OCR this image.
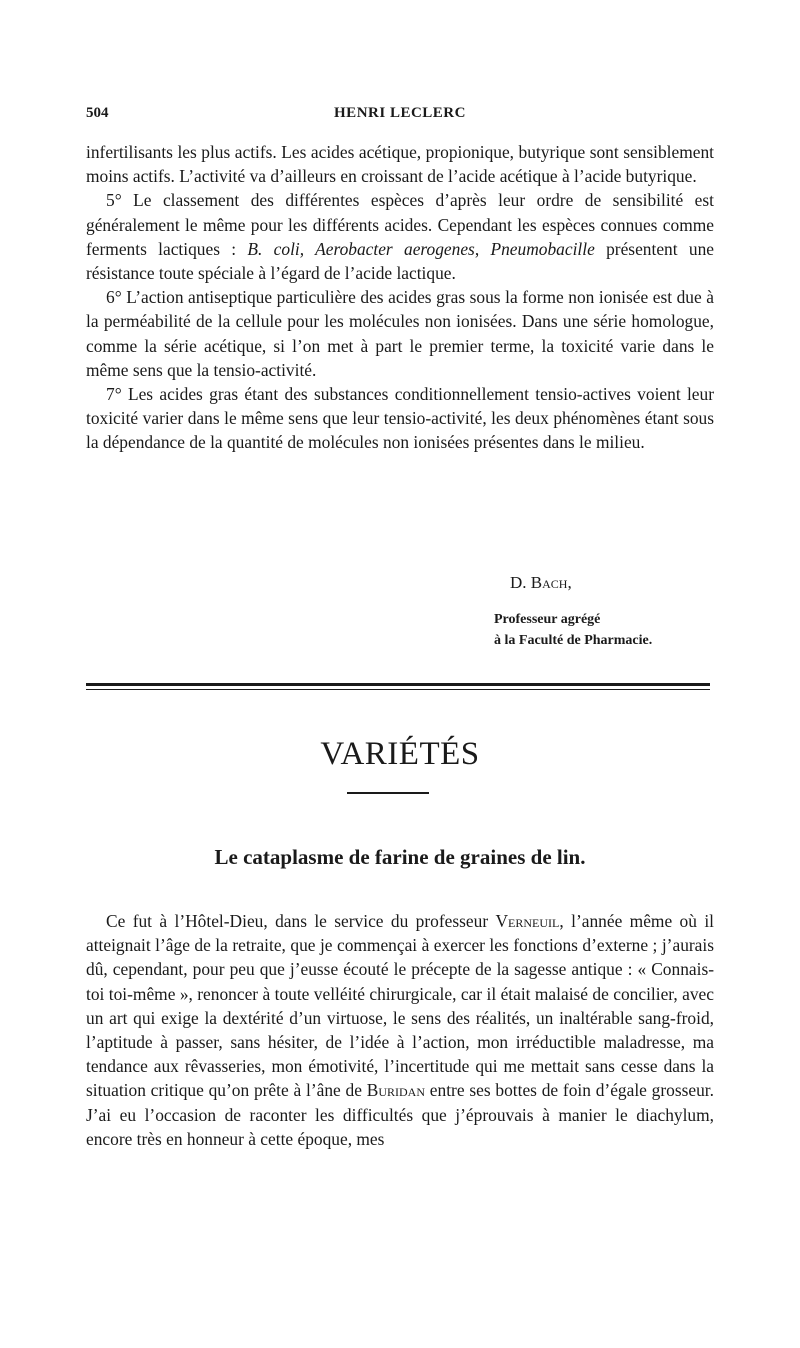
504	HENRI LECLERC

infertilisants les plus actifs. Les acides acétique, propionique, butyrique sont sensiblement moins actifs. L’activité va d’ailleurs en croissant de l’acide acétique à l’acide butyrique.

5° Le classement des différentes espèces d’après leur ordre de sensibilité est généralement le même pour les différents acides. Cependant les espèces connues comme ferments lactiques : B. coli, Aerobacter aerogenes, Pneumobacille présentent une résistance toute spéciale à l’égard de l’acide lactique.

6° L’action antiseptique particulière des acides gras sous la forme non ionisée est due à la perméabilité de la cellule pour les molécules non ionisées. Dans une série homologue, comme la série acétique, si l’on met à part le premier terme, la toxicité varie dans le même sens que la tensio-activité.

7° Les acides gras étant des substances conditionnellement tensio-actives voient leur toxicité varier dans le même sens que leur tensio-activité, les deux phénomènes étant sous la dépendance de la quantité de molécules non ionisées présentes dans le milieu.

D. Bach,
Professeur agrégé
à la Faculté de Pharmacie.
VARIÉTÉS
Le cataplasme de farine de graines de lin.

Ce fut à l’Hôtel-Dieu, dans le service du professeur Verneuil, l’année même où il atteignait l’âge de la retraite, que je commençai à exercer les fonctions d’externe ; j’aurais dû, cependant, pour peu que j’eusse écouté le précepte de la sagesse antique : « Connais-toi toi-même », renoncer à toute velléité chirurgicale, car il était malaisé de concilier, avec un art qui exige la dextérité d’un virtuose, le sens des réalités, un inaltérable sang-froid, l’aptitude à passer, sans hésiter, de l’idée à l’action, mon irréductible maladresse, ma tendance aux rêvasseries, mon émotivité, l’incertitude qui me mettait sans cesse dans la situation critique qu’on prête à l’âne de Buridan entre ses bottes de foin d’égale grosseur. J’ai eu l’occasion de raconter les difficultés que j’éprouvais à manier le diachylum, encore très en honneur à cette époque, mes
